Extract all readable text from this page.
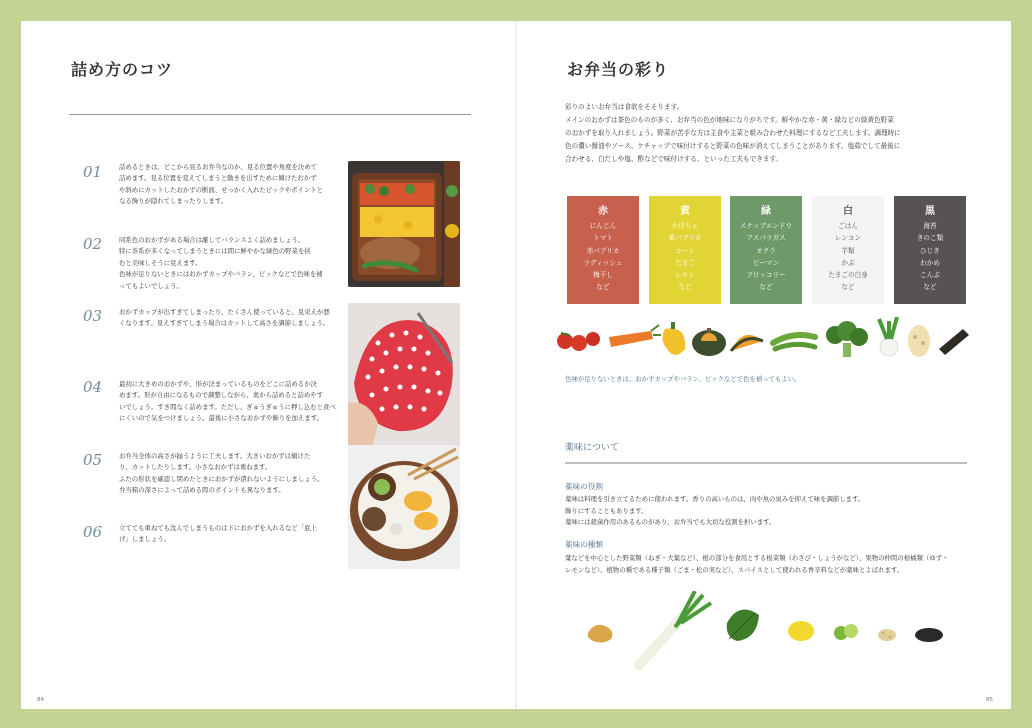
詰め方のコツ
01	詰めるときは、どこから見るお弁当なのか、見る位置や角度を決めて
詰めます。見る位置を変えてしまうと動きを出すために傾けたおかず
や斜めにカットしたおかずの断面、せっかく入れたピックやポイントと
なる飾りが隠れてしまったりします。
02	同系色のおかずがある場合は離してバランスよく詰めましょう。
特に茶系が多くなってしまうときには間に鮮やかな緑色の野菜を挟
むと美味しそうに見えます。
色味が足りないときにはおかずカップやバラン、ピックなどで色味を補
ってもよいでしょう。
03	おかずカップが出すぎてしまったり、たくさん使っていると、見栄えが悪
くなります。見えすぎてしまう場合はカットして高さを調節しましょう。
04	最初に大きめのおかずや、形が決まっているものをどこに詰めるか決
めます。形が自由になるもので調整しながら、奥から詰めると詰めやす
いでしょう。すき間なく詰めます。ただし、ぎゅうぎゅうに押し込むと食べ
にくいので気をつけましょう。最後に小さなおかずや飾りを加えます。
05	お弁当全体の高さが揃うように工夫します。大きいおかずは傾けた
り、カットしたりします。小さなおかずは重ねます。
ふたの形状を確認し閉めたときにおかずが潰れないようにしましょう。
弁当箱の深さによって詰める際のポイントも異なります。
06	立てても重ねても沈んでしまうものは下におかずを入れるなど「底上
げ」しましょう。
84
お弁当の彩り
彩りのよいお弁当は食欲をそそります。
メインのおかずは茶色のものが多く、お弁当の色が地味になりがちです。鮮やかな赤・黄・緑などの緑黄色野菜
のおかずを取り入れましょう。野菜が苦手な方は主食や主菜と組み合わせた料理にするなど工夫します。調理時に
色の濃い醤油やソース、ケチャップで味付けすると野菜の色味が消えてしまうことがあります。塩茹でして最後に
合わせる、白だしや塩、酢などで味付けする、といった工夫もできます。
赤
にんじん
トマト
赤パプリカ
ラディッシュ
梅干し
など
黄
かぼちゃ
黄パプリカ
コーン
たまご
レモン
など
緑
スナップエンドウ
アスパラガス
オクラ
ピーマン
ブロッコリー
など
白
ごはん
レンコン
芋類
かぶ
たまごの白身
など
黒
海苔
きのこ類
ひじき
わかめ
こんぶ
など
色味が足りないときは、おかずカップやバラン、ピックなどで色を補ってもよい。
薬味について
薬味の役割
薬味は料理を引き立てるために使われます。香りの高いものは、肉や魚の臭みを抑えて味を調節します。
飾りにすることもあります。
薬味には殺菌作用のあるものがあり、お弁当でも大切な役割を担います。
薬味の種類
葉などを中心とした野菜類（ねぎ・大葉など）、根の部分を食用とする根菜類（わさび・しょうがなど）、果物の仲間の柑橘類（ゆず・
レモンなど）、植物の種である種子類（ごま・松の実など）、スパイスとして使われる香辛料などが薬味とよばれます。
85
